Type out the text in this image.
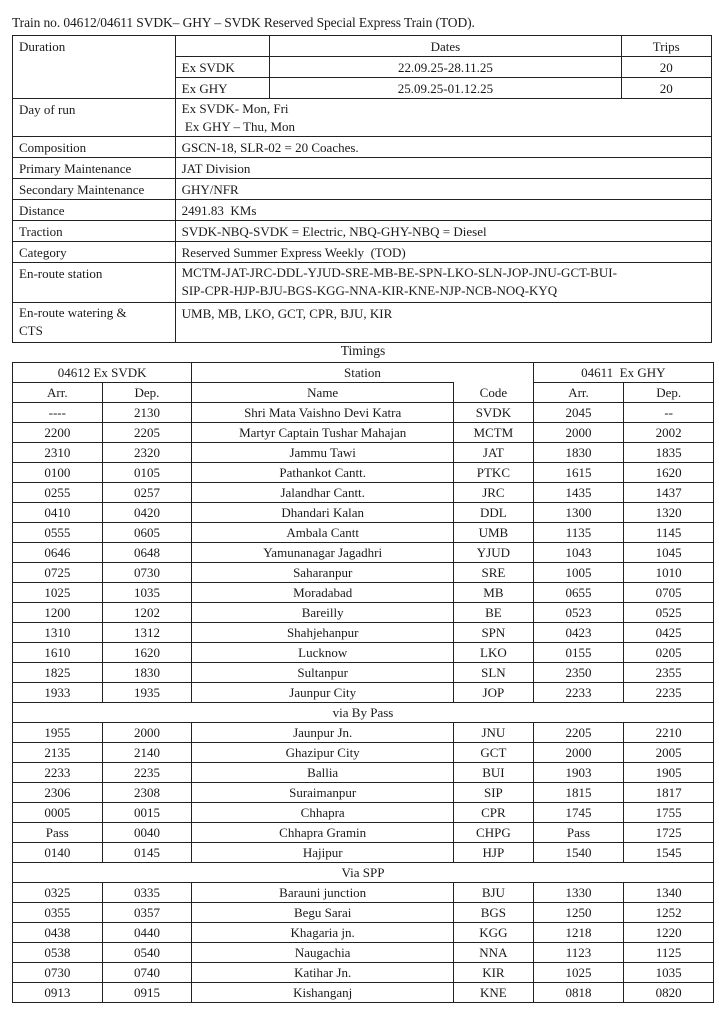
Train no. 04612/04611 SVDK– GHY – SVDK Reserved Special Express Train (TOD).
Duration		Dates	Trips
	Ex SVDK	22.09.25-28.11.25	20
	Ex GHY	25.09.25-01.12.25	20
Day of run	Ex SVDK- Mon, Fri
Ex GHY – Thu, Mon		

Composition	GSCN-18, SLR-02 = 20 Coaches.		
Primary Maintenance	JAT Division		
Secondary Maintenance	GHY/NFR		
Distance	2491.83  KMs		
Traction	SVDK-NBQ-SVDK = Electric, NBQ-GHY-NBQ = Diesel		
Category	Reserved Summer Express Weekly  (TOD)		
En-route station	MCTM-JAT-JRC-DDL-YJUD-SRE-MB-BE-SPN-LKO-SLN-JOP-JNU-GCT-BUI-
SIP-CPR-HJP-BJU-BGS-KGG-NNA-KIR-KNE-NJP-NCB-NOQ-KYQ		

En-route watering &
CTS	UMB, MB, LKO, GCT, CPR, BJU, KIR		
Timings
04612 Ex SVDK		Station		04611  Ex GHY	
Arr.	Dep.	Name	Code	Arr.	Dep.
----	2130	Shri Mata Vaishno Devi Katra	SVDK	2045	--
2200	2205	Martyr Captain Tushar Mahajan	MCTM	2000	2002
2310	2320	Jammu Tawi	JAT	1830	1835
0100	0105	Pathankot Cantt.	PTKC	1615	1620
0255	0257	Jalandhar Cantt.	JRC	1435	1437
0410	0420	Dhandari Kalan	DDL	1300	1320
0555	0605	Ambala Cantt	UMB	1135	1145
0646	0648	Yamunanagar Jagadhri	YJUD	1043	1045
0725	0730	Saharanpur	SRE	1005	1010
1025	1035	Moradabad	MB	0655	0705
1200	1202	Bareilly	BE	0523	0525
1310	1312	Shahjehanpur	SPN	0423	0425
1610	1620	Lucknow	LKO	0155	0205
1825	1830	Sultanpur	SLN	2350	2355
1933	1935	Jaunpur City	JOP	2233	2235
via By Pass					
1955	2000	Jaunpur Jn.	JNU	2205	2210
2135	2140	Ghazipur City	GCT	2000	2005
2233	2235	Ballia	BUI	1903	1905
2306	2308	Suraimanpur	SIP	1815	1817
0005	0015	Chhapra	CPR	1745	1755
Pass	0040	Chhapra Gramin	CHPG	Pass	1725
0140	0145	Hajipur	HJP	1540	1545
Via SPP					
0325	0335	Barauni junction	BJU	1330	1340
0355	0357	Begu Sarai	BGS	1250	1252
0438	0440	Khagaria jn.	KGG	1218	1220
0538	0540	Naugachia	NNA	1123	1125
0730	0740	Katihar Jn.	KIR	1025	1035
0913	0915	Kishanganj	KNE	0818	0820
